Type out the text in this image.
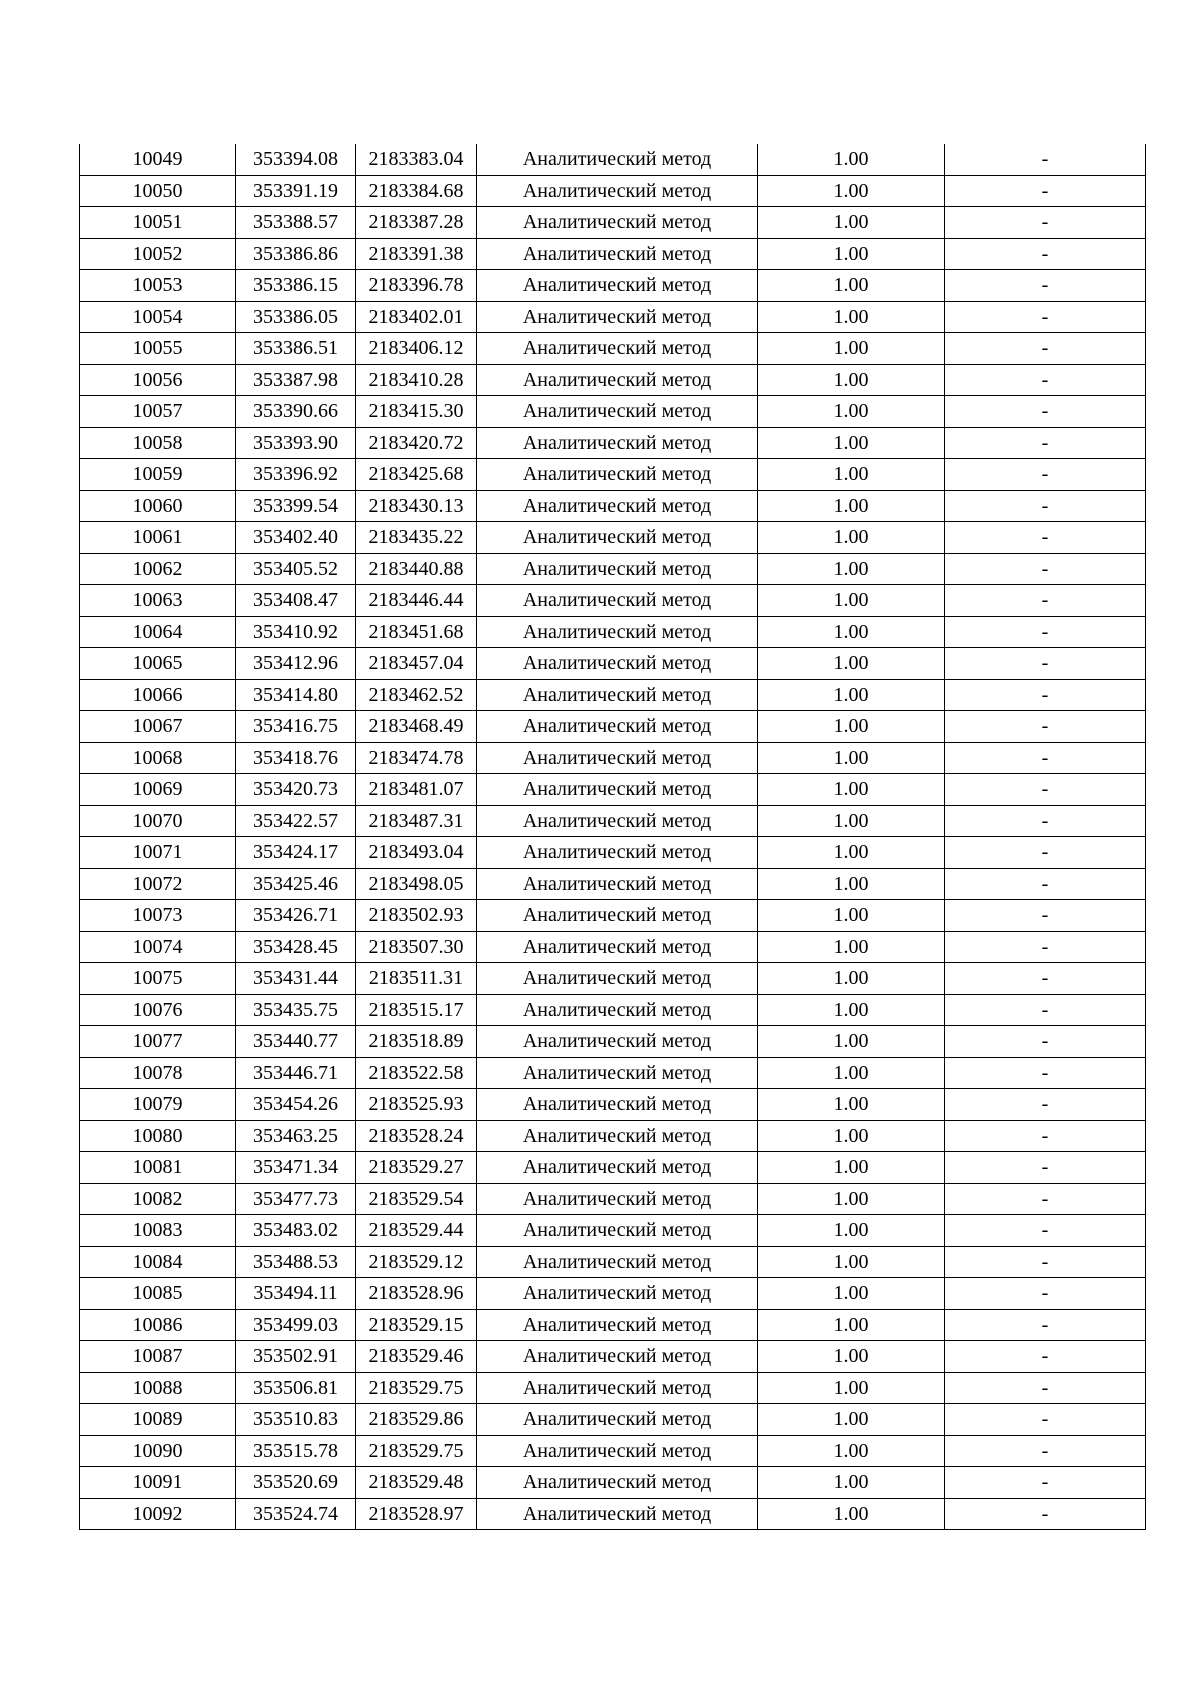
10049	353394.08	2183383.04	Аналитический метод	1.00	-
10050	353391.19	2183384.68	Аналитический метод	1.00	-
10051	353388.57	2183387.28	Аналитический метод	1.00	-
10052	353386.86	2183391.38	Аналитический метод	1.00	-
10053	353386.15	2183396.78	Аналитический метод	1.00	-
10054	353386.05	2183402.01	Аналитический метод	1.00	-
10055	353386.51	2183406.12	Аналитический метод	1.00	-
10056	353387.98	2183410.28	Аналитический метод	1.00	-
10057	353390.66	2183415.30	Аналитический метод	1.00	-
10058	353393.90	2183420.72	Аналитический метод	1.00	-
10059	353396.92	2183425.68	Аналитический метод	1.00	-
10060	353399.54	2183430.13	Аналитический метод	1.00	-
10061	353402.40	2183435.22	Аналитический метод	1.00	-
10062	353405.52	2183440.88	Аналитический метод	1.00	-
10063	353408.47	2183446.44	Аналитический метод	1.00	-
10064	353410.92	2183451.68	Аналитический метод	1.00	-
10065	353412.96	2183457.04	Аналитический метод	1.00	-
10066	353414.80	2183462.52	Аналитический метод	1.00	-
10067	353416.75	2183468.49	Аналитический метод	1.00	-
10068	353418.76	2183474.78	Аналитический метод	1.00	-
10069	353420.73	2183481.07	Аналитический метод	1.00	-
10070	353422.57	2183487.31	Аналитический метод	1.00	-
10071	353424.17	2183493.04	Аналитический метод	1.00	-
10072	353425.46	2183498.05	Аналитический метод	1.00	-
10073	353426.71	2183502.93	Аналитический метод	1.00	-
10074	353428.45	2183507.30	Аналитический метод	1.00	-
10075	353431.44	2183511.31	Аналитический метод	1.00	-
10076	353435.75	2183515.17	Аналитический метод	1.00	-
10077	353440.77	2183518.89	Аналитический метод	1.00	-
10078	353446.71	2183522.58	Аналитический метод	1.00	-
10079	353454.26	2183525.93	Аналитический метод	1.00	-
10080	353463.25	2183528.24	Аналитический метод	1.00	-
10081	353471.34	2183529.27	Аналитический метод	1.00	-
10082	353477.73	2183529.54	Аналитический метод	1.00	-
10083	353483.02	2183529.44	Аналитический метод	1.00	-
10084	353488.53	2183529.12	Аналитический метод	1.00	-
10085	353494.11	2183528.96	Аналитический метод	1.00	-
10086	353499.03	2183529.15	Аналитический метод	1.00	-
10087	353502.91	2183529.46	Аналитический метод	1.00	-
10088	353506.81	2183529.75	Аналитический метод	1.00	-
10089	353510.83	2183529.86	Аналитический метод	1.00	-
10090	353515.78	2183529.75	Аналитический метод	1.00	-
10091	353520.69	2183529.48	Аналитический метод	1.00	-
10092	353524.74	2183528.97	Аналитический метод	1.00	-
